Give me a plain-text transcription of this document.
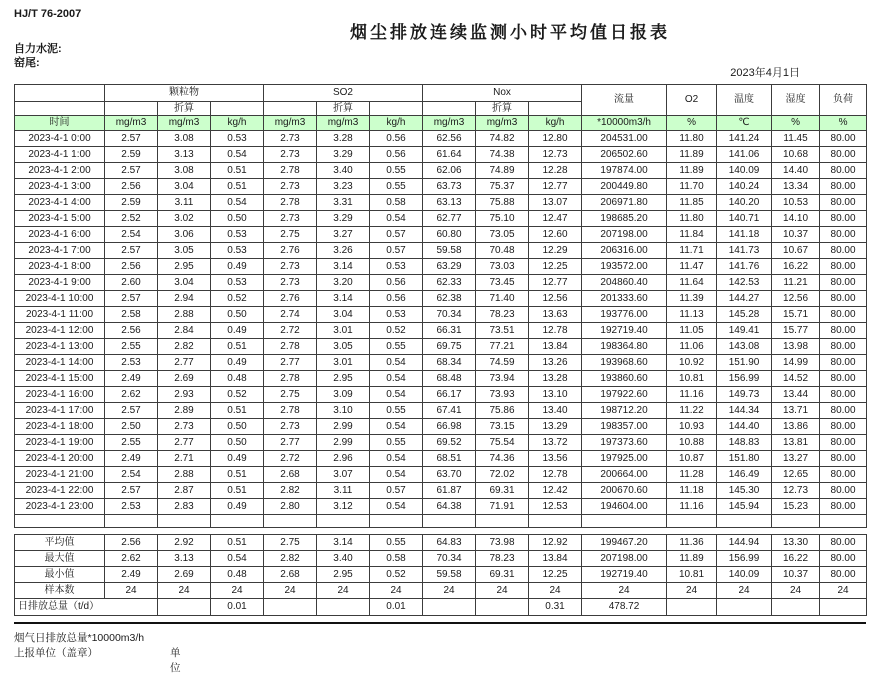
HJ/T 76-2007
烟尘排放连续监测小时平均值日报表
自力水泥:
窑尾:
2023年4月1日
	颗粒物			SO2			Nox			流量	O2	温度	湿度	负荷
		折算			折算			折算						
时间	mg/m3	mg/m3	kg/h	mg/m3	mg/m3	kg/h	mg/m3	mg/m3	kg/h	*10000m3/h	%	℃	%	%
2023-4-1 0:00	2.57	3.08	0.53	2.73	3.28	0.56	62.56	74.82	12.80	204531.00	11.80	141.24	11.45	80.00
2023-4-1 1:00	2.59	3.13	0.54	2.73	3.29	0.56	61.64	74.38	12.73	206502.60	11.89	141.06	10.68	80.00
2023-4-1 2:00	2.57	3.08	0.51	2.78	3.40	0.55	62.06	74.89	12.28	197874.00	11.89	140.09	14.40	80.00
2023-4-1 3:00	2.56	3.04	0.51	2.73	3.23	0.55	63.73	75.37	12.77	200449.80	11.70	140.24	13.34	80.00
2023-4-1 4:00	2.59	3.11	0.54	2.78	3.31	0.58	63.13	75.88	13.07	206971.80	11.85	140.20	10.53	80.00
2023-4-1 5:00	2.52	3.02	0.50	2.73	3.29	0.54	62.77	75.10	12.47	198685.20	11.80	140.71	14.10	80.00
2023-4-1 6:00	2.54	3.06	0.53	2.75	3.27	0.57	60.80	73.05	12.60	207198.00	11.84	141.18	10.37	80.00
2023-4-1 7:00	2.57	3.05	0.53	2.76	3.26	0.57	59.58	70.48	12.29	206316.00	11.71	141.73	10.67	80.00
2023-4-1 8:00	2.56	2.95	0.49	2.73	3.14	0.53	63.29	73.03	12.25	193572.00	11.47	141.76	16.22	80.00
2023-4-1 9:00	2.60	3.04	0.53	2.73	3.20	0.56	62.33	73.45	12.77	204860.40	11.64	142.53	11.21	80.00
2023-4-1 10:00	2.57	2.94	0.52	2.76	3.14	0.56	62.38	71.40	12.56	201333.60	11.39	144.27	12.56	80.00
2023-4-1 11:00	2.58	2.88	0.50	2.74	3.04	0.53	70.34	78.23	13.63	193776.00	11.13	145.28	15.71	80.00
2023-4-1 12:00	2.56	2.84	0.49	2.72	3.01	0.52	66.31	73.51	12.78	192719.40	11.05	149.41	15.77	80.00
2023-4-1 13:00	2.55	2.82	0.51	2.78	3.05	0.55	69.75	77.21	13.84	198364.80	11.06	143.08	13.98	80.00
2023-4-1 14:00	2.53	2.77	0.49	2.77	3.01	0.54	68.34	74.59	13.26	193968.60	10.92	151.90	14.99	80.00
2023-4-1 15:00	2.49	2.69	0.48	2.78	2.95	0.54	68.48	73.94	13.28	193860.60	10.81	156.99	14.52	80.00
2023-4-1 16:00	2.62	2.93	0.52	2.75	3.09	0.54	66.17	73.93	13.10	197922.60	11.16	149.73	13.44	80.00
2023-4-1 17:00	2.57	2.89	0.51	2.78	3.10	0.55	67.41	75.86	13.40	198712.20	11.22	144.34	13.71	80.00
2023-4-1 18:00	2.50	2.73	0.50	2.73	2.99	0.54	66.98	73.15	13.29	198357.00	10.93	144.40	13.86	80.00
2023-4-1 19:00	2.55	2.77	0.50	2.77	2.99	0.55	69.52	75.54	13.72	197373.60	10.88	148.83	13.81	80.00
2023-4-1 20:00	2.49	2.71	0.49	2.72	2.96	0.54	68.51	74.36	13.56	197925.00	10.87	151.80	13.27	80.00
2023-4-1 21:00	2.54	2.88	0.51	2.68	3.07	0.54	63.70	72.02	12.78	200664.00	11.28	146.49	12.65	80.00
2023-4-1 22:00	2.57	2.87	0.51	2.82	3.11	0.57	61.87	69.31	12.42	200670.60	11.18	145.30	12.73	80.00
2023-4-1 23:00	2.53	2.83	0.49	2.80	3.12	0.54	64.38	71.91	12.53	194604.00	11.16	145.94	15.23	80.00

平均值	2.56	2.92	0.51	2.75	3.14	0.55	64.83	73.98	12.92	199467.20	11.36	144.94	13.30	80.00
最大值	2.62	3.13	0.54	2.82	3.40	0.58	70.34	78.23	13.84	207198.00	11.89	156.99	16.22	80.00
最小值	2.49	2.69	0.48	2.68	2.95	0.52	59.58	69.31	12.25	192719.40	10.81	140.09	10.37	80.00
样本数	24	24	24	24	24	24	24	24	24	24	24	24	24	24
日排放总量（t/d）			0.01			0.01			0.31	478.72				
烟气日排放总量*10000m3/h
上报单位（盖章）	单位
